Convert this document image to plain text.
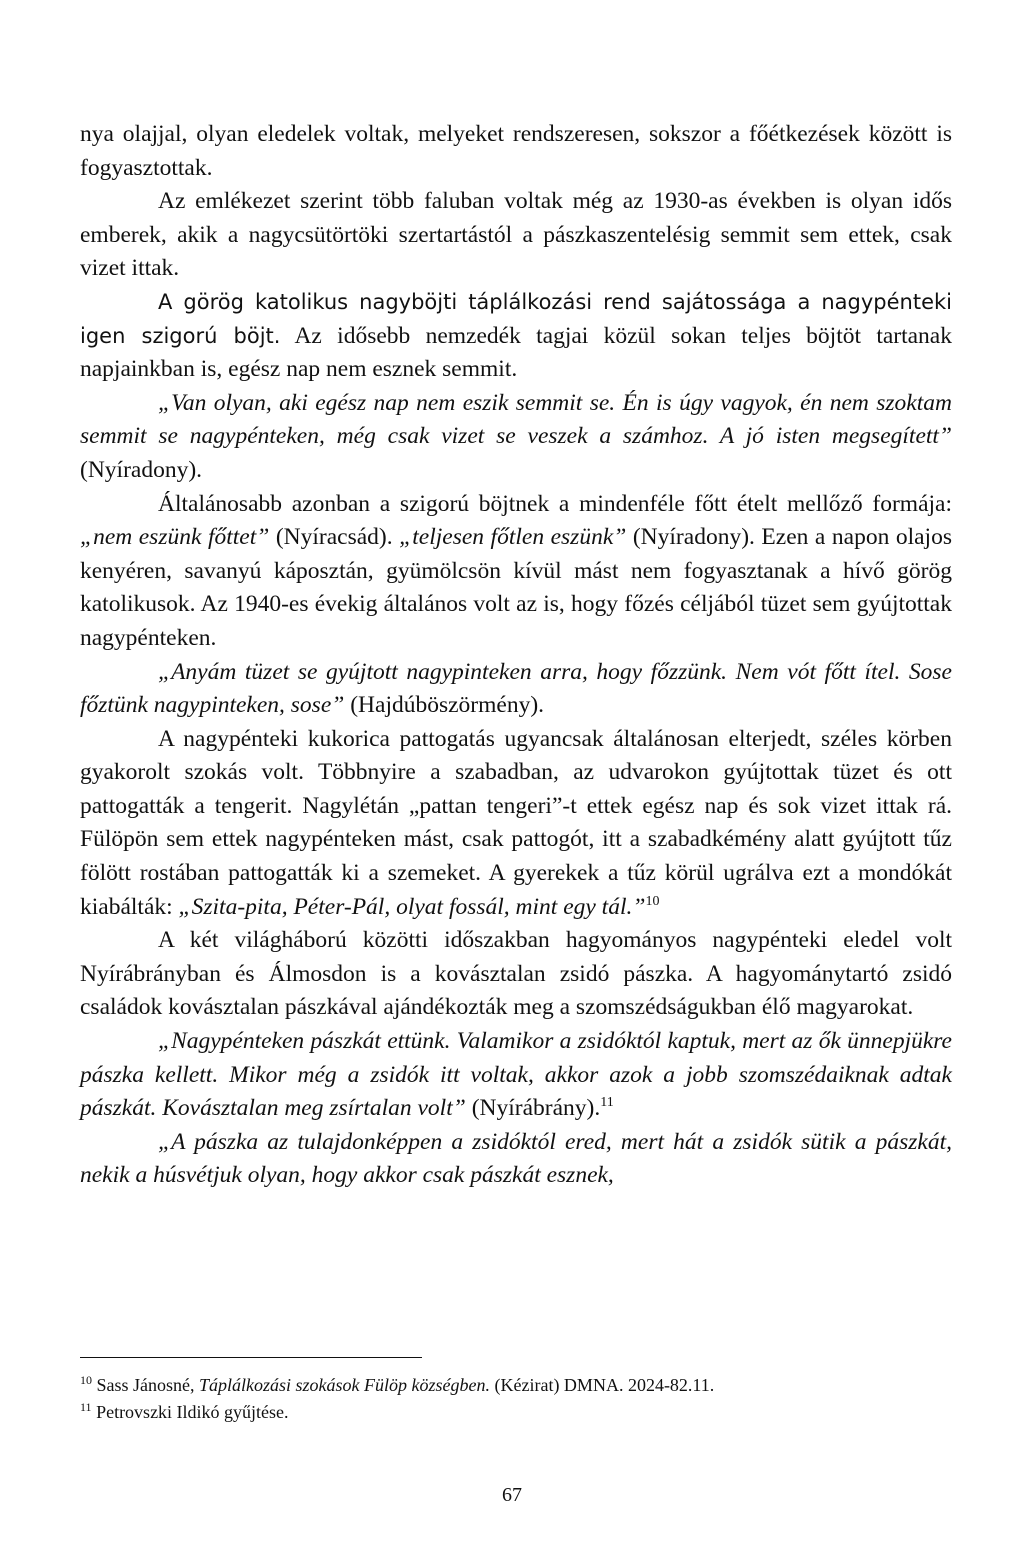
nya olajjal, olyan eledelek voltak, melyeket rendszeresen, sokszor a főétkezések között is fogyasztottak.

Az emlékezet szerint több faluban voltak még az 1930-as években is olyan idős emberek, akik a nagycsütörtöki szertartástól a pászkaszentelésig semmit sem ettek, csak vizet ittak.

A görög katolikus nagyböjti táplálkozási rend sajátossága a nagypénteki igen szigorú böjt. Az idősebb nemzedék tagjai közül sokan teljes böjtöt tartanak napjainkban is, egész nap nem esznek semmit.

„Van olyan, aki egész nap nem eszik semmit se. Én is úgy vagyok, én nem szoktam semmit se nagypénteken, még csak vizet se veszek a számhoz. A jó isten megsegített” (Nyíradony).

Általánosabb azonban a szigorú böjtnek a mindenféle főtt ételt mellőző formája: „nem eszünk főttet” (Nyíracsád). „teljesen főtlen eszünk” (Nyíradony). Ezen a napon olajos kenyéren, savanyú káposztán, gyümölcsön kívül mást nem fogyasztanak a hívő görög katolikusok. Az 1940-es évekig általános volt az is, hogy főzés céljából tüzet sem gyújtottak nagypénteken.

„Anyám tüzet se gyújtott nagypinteken arra, hogy főzzünk. Nem vót főtt ítel. Sose főztünk nagypinteken, sose” (Hajdúböszörmény).

A nagypénteki kukorica pattogatás ugyancsak általánosan elterjedt, széles körben gyakorolt szokás volt. Többnyire a szabadban, az udvarokon gyújtottak tüzet és ott pattogatták a tengerit. Nagylétán „pattan tengeri”-t ettek egész nap és sok vizet ittak rá. Fülöpön sem ettek nagypénteken mást, csak pattogót, itt a szabadkémény alatt gyújtott tűz fölött rostában pattogatták ki a szemeket. A gyerekek a tűz körül ugrálva ezt a mondókát kiabálták: „Szita-pita, Péter-Pál, olyat fossál, mint egy tál.”$^{10}$

A két világháború közötti időszakban hagyományos nagypénteki eledel volt Nyírábrányban és Álmosdon is a kovásztalan zsidó pászka. A hagyománytartó zsidó családok kovásztalan pászkával ajándékozták meg a szomszédságukban élő magyarokat.

„Nagypénteken pászkát ettünk. Valamikor a zsidóktól kaptuk, mert az ők ünnepjükre pászka kellett. Mikor még a zsidók itt voltak, akkor azok a jobb szomszédaiknak adtak pászkát. Kovásztalan meg zsírtalan volt” (Nyírábrány).$^{11}$

„A pászka az tulajdonképpen a zsidóktól ered, mert hát a zsidók sütik a pászkát, nekik a húsvétjuk olyan, hogy akkor csak pászkát esznek,

$^{10}$ Sass Jánosné, Táplálkozási szokások Fülöp községben. (Kézirat) DMNA. 2024-82.11.

$^{11}$ Petrovszki Ildikó gyűjtése.

67
